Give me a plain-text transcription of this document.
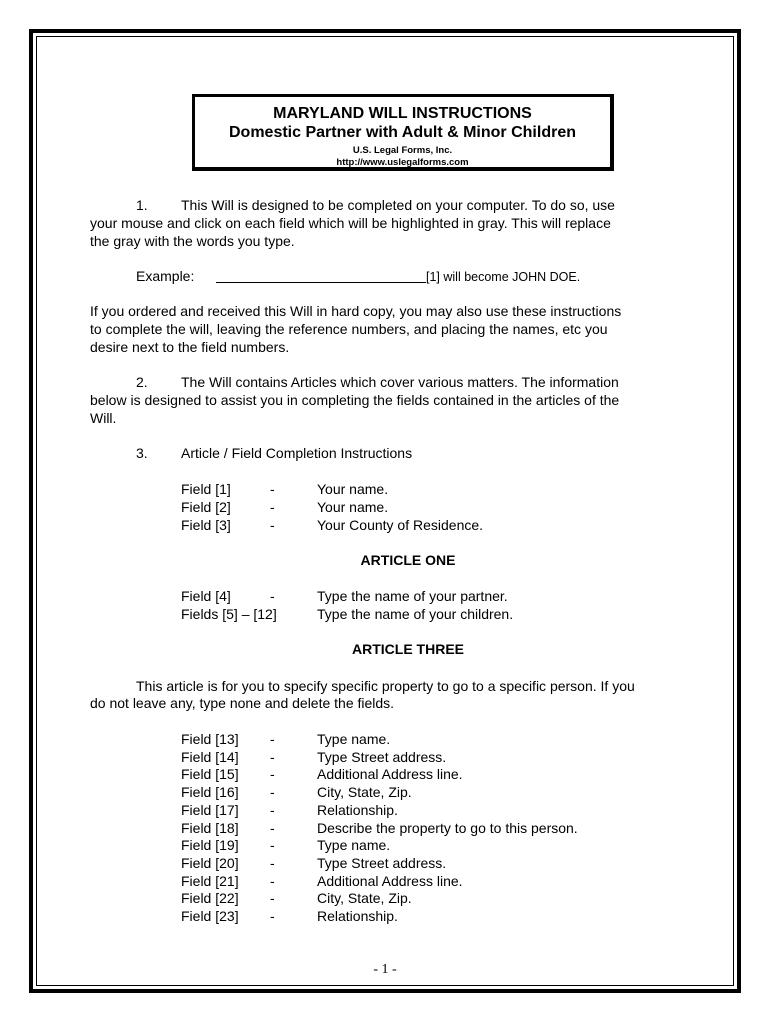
MARYLAND WILL INSTRUCTIONS
Domestic Partner with Adult & Minor Children
U.S. Legal Forms, Inc.
http://www.uslegalforms.com
1. This Will is designed to be completed on your computer. To do so, use
your mouse and click on each field which will be highlighted in gray. This will replace
the gray with the words you type.
Example:	[1] will become JOHN DOE.
If you ordered and received this Will in hard copy, you may also use these instructions
to complete the will, leaving the reference numbers, and placing the names, etc you
desire next to the field numbers.
2. The Will contains Articles which cover various matters. The information
below is designed to assist you in completing the fields contained in the articles of the
Will.
3. Article / Field Completion Instructions
Field [1]	-	Your name.
Field [2]	-	Your name.
Field [3]	-	Your County of Residence.
ARTICLE ONE
Field [4]	-	Type the name of your partner.
Fields [5] – [12]	Type the name of your children.
ARTICLE THREE
This article is for you to specify specific property to go to a specific person. If you
do not leave any, type none and delete the fields.
Field [13] -	Type name.
Field [14] -	Type Street address.
Field [15] -	Additional Address line.
Field [16] -	City, State, Zip.
Field [17] -	Relationship.
Field [18] -	Describe the property to go to this person.
Field [19] -	Type name.
Field [20] -	Type Street address.
Field [21] -	Additional Address line.
Field [22] -	City, State, Zip.
Field [23] -	Relationship.
- 1 -
